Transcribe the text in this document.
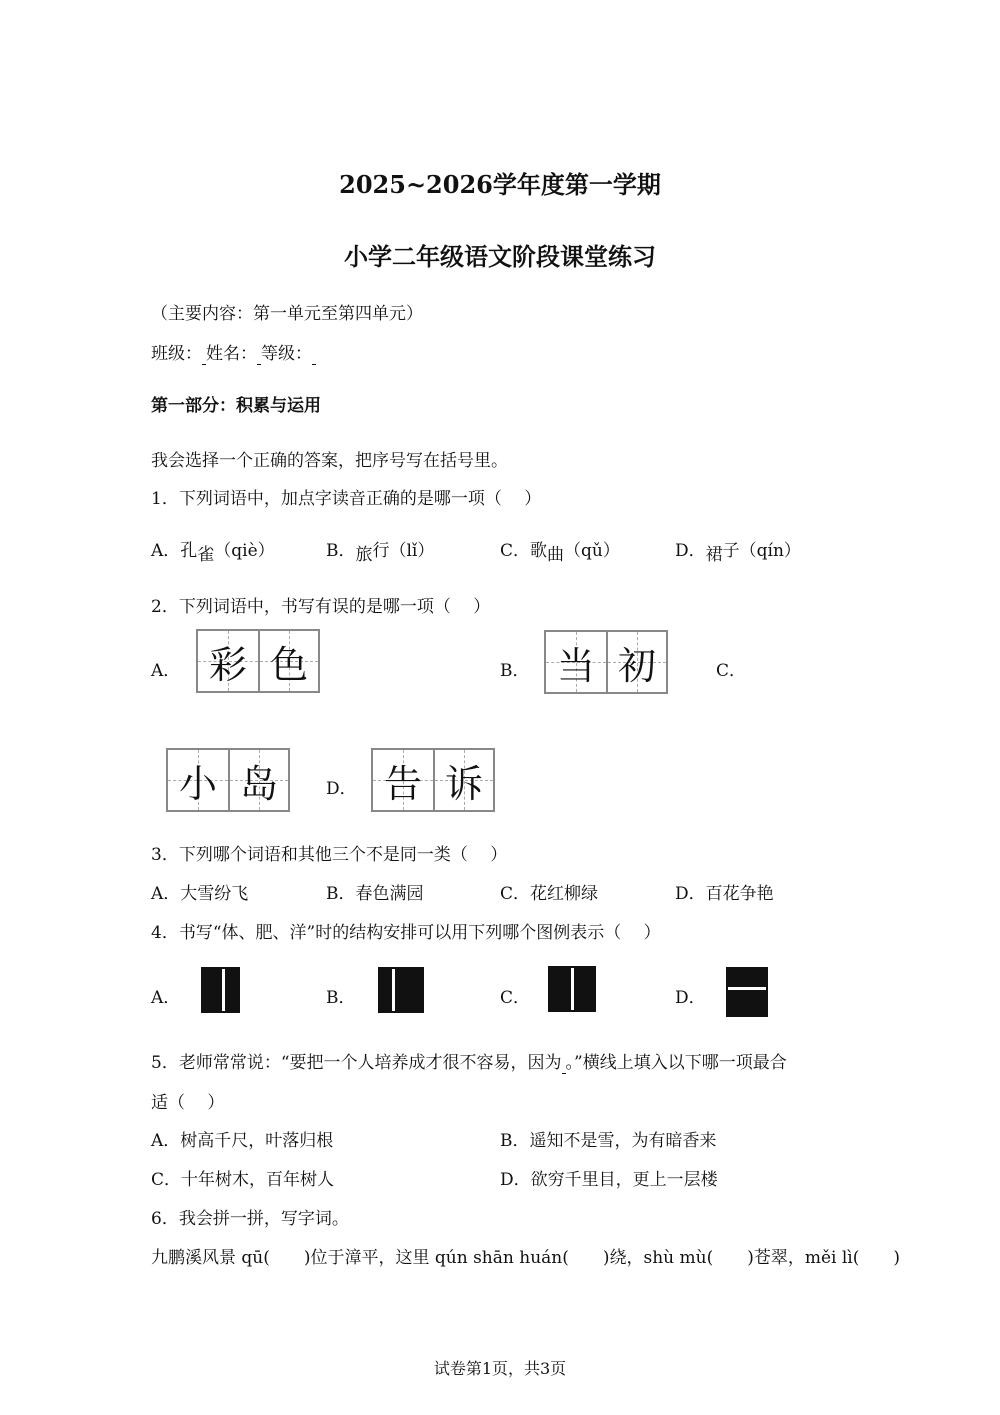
2025~2026学年度第一学期
小学二年级语文阶段课堂练习
（主要内容：第一单元至第四单元）
班级： 姓名： 等级：
第一部分：积累与运用
我会选择一个正确的答案，把序号写在括号里。
1．下列词语中，加点字读音正确的是哪一项（　 ）
A．孔雀（qiè）	B．旅行（lǐ）	C．歌曲（qǔ）	D．裙子（qín）
2．下列词语中，书写有误的是哪一项（　 ）
A． 彩 色	B． 当 初	C．
小 岛	D． 告 诉
3．下列哪个词语和其他三个不是同一类（　 ）
A．大雪纷飞	B．春色满园	C．花红柳绿	D．百花争艳
4．书写“体、肥、洋”时的结构安排可以用下列哪个图例表示（　 ）
A．	B．	C．	D．
5．老师常常说：“要把一个人培养成才很不容易，因为 。”横线上填入以下哪一项最合
适（　 ）
A．树高千尺，叶落归根	B．遥知不是雪，为有暗香来
C．十年树木，百年树人	D．欲穷千里目，更上一层楼
6．我会拼一拼，写字词。
九鹏溪风景 qū(　　)位于漳平，这里 qún shān huán(　　)绕，shù mù(　　)苍翠，měi lì(　　)
试卷第1页，共3页
